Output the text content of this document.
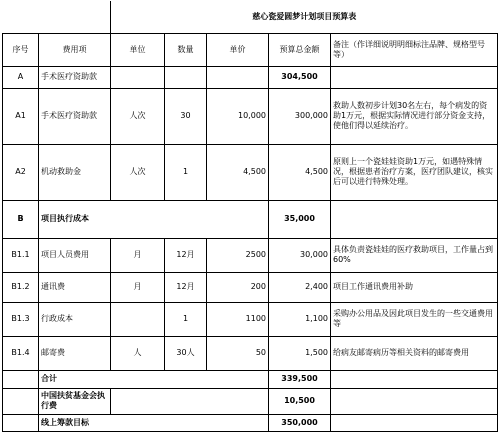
		慈心瓷爱圆梦计划项目预算表				
序号	费用项	单位	数量	单价	预算总金额	备注（作详细说明明细标注品牌、规格型号等）
A	手术医疗资助款				304,500	
A1	手术医疗资助款	人次	30	10,000	300,000	救助人数初步计划30名左右，每个病发的资助1万元，根据实际情况进行部分资金支持，使他们得以延续治疗。
A2	机动救助金	人次	1	4,500	4,500	原则上一个瓷娃娃资助1万元，如遇特殊情况，根据患者治疗方案，医疗团队建议，核实后可以进行特殊处理。
B	项目执行成本				35,000	
B1.1	项目人员费用	月	12月	2500	30,000	具体负责瓷娃娃的医疗救助项目，工作量占到60%
B1.2	通讯费	月	12月	200	2,400	项目工作通讯费用补助
B1.3	行政成本		1	1100	1,100	采购办公用品及因此项目发生的一些交通费用等
B1.4	邮寄费	人	30人	50	1,500	给病友邮寄病历等相关资料的邮寄费用
	合计				339,500	
	中国扶贫基金会执行费				10,500	
	线上筹款目标				350,000	
